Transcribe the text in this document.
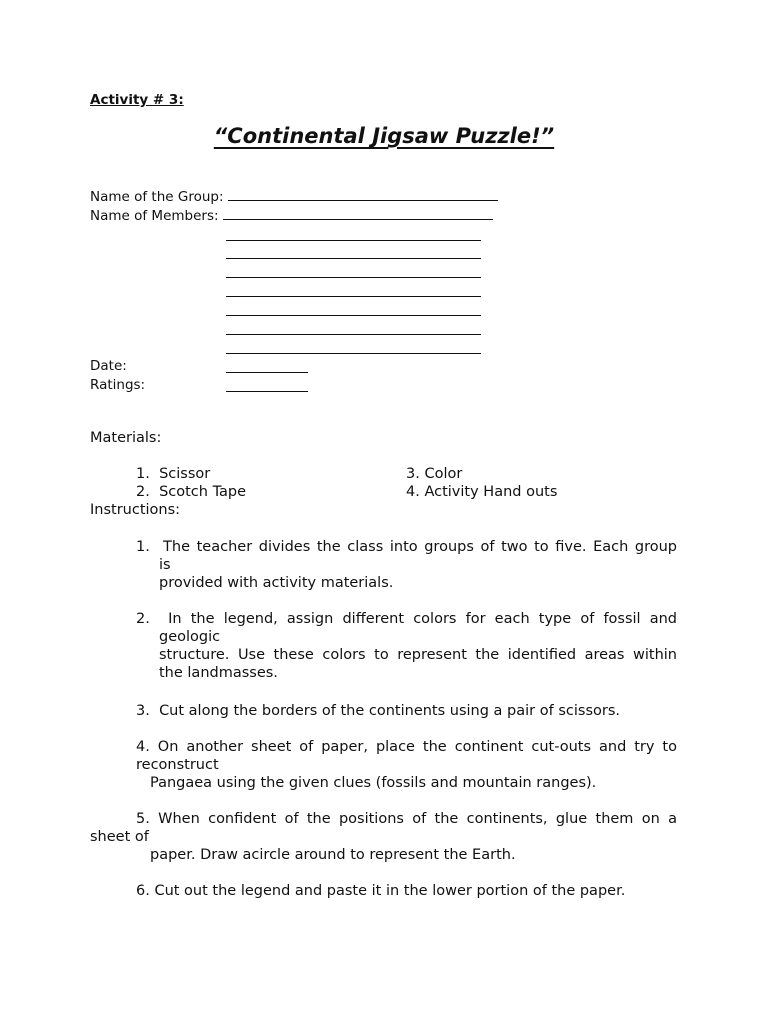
Activity # 3:
“Continental Jigsaw Puzzle!”
Name of the Group:
Name of Members:
Date:
Ratings:
Materials:
1. Scissor
2. Scotch Tape
3. Color
4. Activity Hand outs
Instructions:
1. The teacher divides the class into groups of two to five. Each group
is
provided with activity materials.
2. In the legend, assign different colors for each type of fossil and
geologic
structure. Use these colors to represent the identified areas within
the landmasses.
3. Cut along the borders of the continents using a pair of scissors.
4. On another sheet of paper, place the continent cut-outs and try to
reconstruct
Pangaea using the given clues (fossils and mountain ranges).
5. When confident of the positions of the continents, glue them on a
sheet of
paper. Draw acircle around to represent the Earth.
6. Cut out the legend and paste it in the lower portion of the paper.
